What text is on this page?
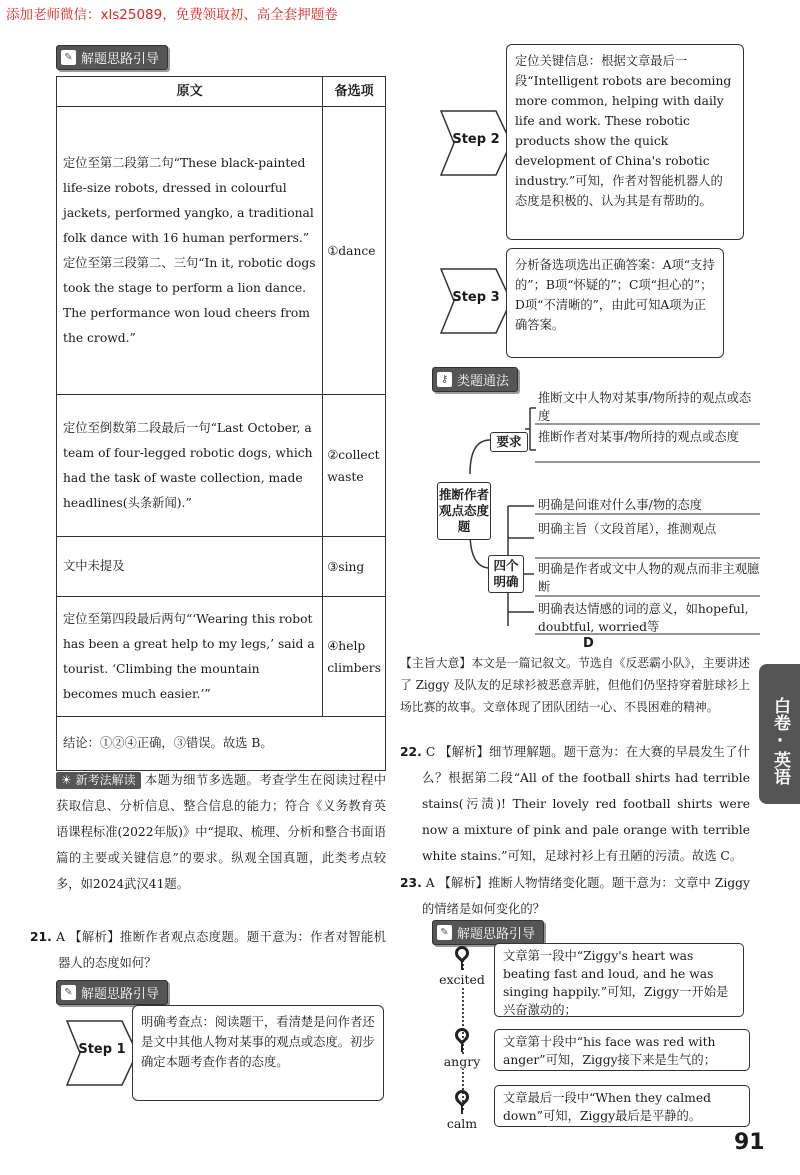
添加老师微信：xls25089，免费领取初、高全套押题卷
✎ 解题思路引导
原文	备选项
定位至第二段第二句“These black-painted life-size robots, dressed in colourful jackets, performed yangko, a traditional folk dance with 16 human performers.” 定位至第三段第二、三句“In it, robotic dogs took the stage to perform a lion dance. The performance won loud cheers from the crowd.”	①dance
定位至倒数第二段最后一句“Last October, a team of four-legged robotic dogs, which had the task of waste collection, made headlines(头条新闻).”	②collect waste
文中未提及	③sing
定位至第四段最后两句“‘Wearing this robot has been a great help to my legs,’ said a tourist. ‘Climbing the mountain becomes much easier.’”	④help climbers
结论：①②④正确，③错误。故选 B。	
☀ 新考法解读 本题为细节多选题。考查学生在阅读过程中获取信息、分析信息、整合信息的能力；符合《义务教育英语课程标准(2022年版)》中“提取、梳理、分析和整合书面语篇的主要或关键信息”的要求。纵观全国真题，此类考点较多，如2024武汉41题。
21. A 【解析】推断作者观点态度题。题干意为：作者对智能机器人的态度如何？
✎ 解题思路引导
Step 1
明确考查点：阅读题干，看清楚是问作者还是文中其他人物对某事的观点或态度。初步确定本题考查作者的态度。
Step 2
定位关键信息：根据文章最后一段“Intelligent robots are becoming more common, helping with daily life and work. These robotic products show the quick development of China's robotic industry.”可知，作者对智能机器人的态度是积极的、认为其是有帮助的。
Step 3
分析备选项选出正确答案：A项“支持的”；B项“怀疑的”；C项“担心的”；D项“不清晰的”，由此可知A项为正确答案。
⚷ 类题通法
推断作者观点态度题
要求
四个明确
推断文中人物对某事/物所持的观点或态度
推断作者对某事/物所持的观点或态度
明确是问谁对什么事/物的态度
明确主旨（文段首尾），推测观点
明确是作者或文中人物的观点而非主观臆断
明确表达情感的词的意义，如hopeful, doubtful, worried等
D
【主旨大意】本文是一篇记叙文。节选自《反恶霸小队》，主要讲述了 Ziggy 及队友的足球衫被恶意弄脏，但他们仍坚持穿着脏球衫上场比赛的故事。文章体现了团队团结一心、不畏困难的精神。
22. C 【解析】细节理解题。题干意为：在大赛的早晨发生了什么？根据第二段“All of the football shirts had terrible stains(污渍)! Their lovely red football shirts were now a mixture of pink and pale orange with terrible white stains.”可知，足球衬衫上有丑陋的污渍。故选 C。
23. A 【解析】推断人物情绪变化题。题干意为：文章中 Ziggy 的情绪是如何变化的？
✎ 解题思路引导
excited
文章第一段中“Ziggy's heart was beating fast and loud, and he was singing happily.”可知，Ziggy一开始是兴奋激动的；
angry
文章第十段中“his face was red with anger”可知，Ziggy接下来是生气的；
calm
文章最后一段中“When they calmed down”可知，Ziggy最后是平静的。
白卷·英语
91
